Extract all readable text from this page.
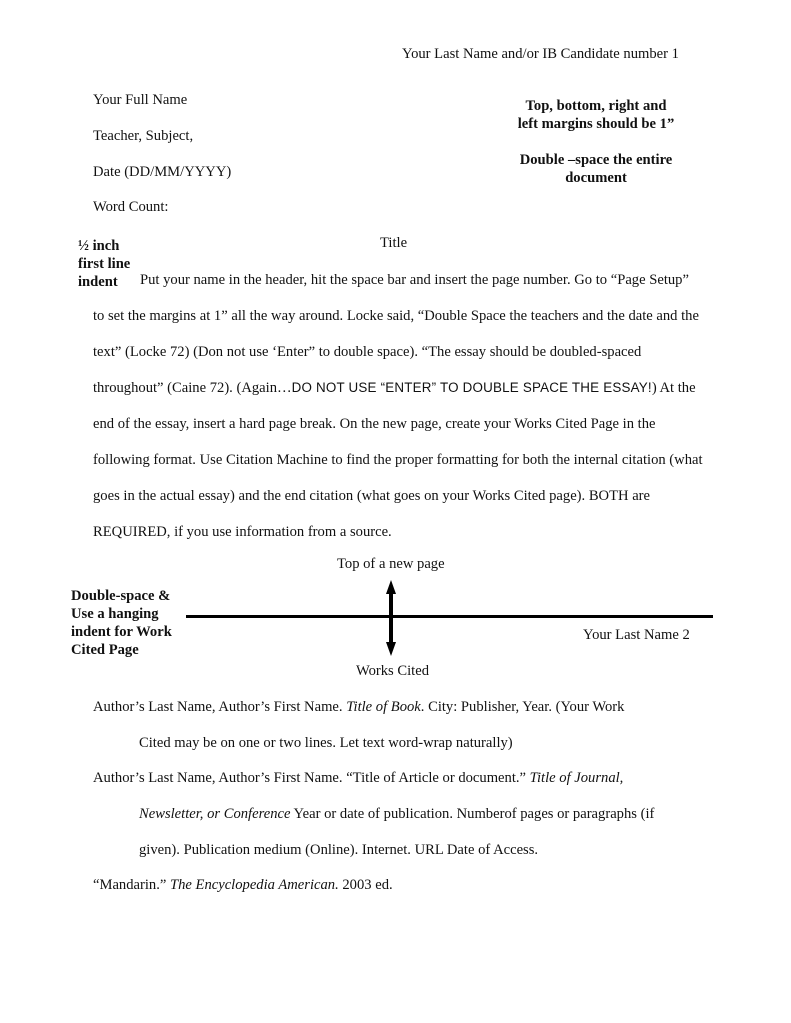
Your Last Name and/or IB Candidate number 1
Your Full Name
Teacher, Subject,
Date (DD/MM/YYYY)
Word Count:
Top, bottom, right and
left margins should be 1”
Double –space the entire
document
½ inch
first line
indent
Title
Put your name in the header, hit the space bar and insert the page number. Go to “Page Setup” to set the margins at 1” all the way around. Locke said, “Double Space the teachers and the date and the text” (Locke 72) (Don not use ‘Enter” to double space). “The essay should be doubled-spaced throughout” (Caine 72). (Again…DO NOT USE “ENTER” TO DOUBLE SPACE THE ESSAY!) At the end of the essay, insert a hard page break. On the new page, create your Works Cited Page in the following format. Use Citation Machine to find the proper formatting for both the internal citation (what goes in the actual essay) and the end citation (what goes on your Works Cited page). BOTH are REQUIRED, if you use information from a source.
Top of a new page
Double-space &
Use a hanging
indent for Work
Cited Page
Your Last Name 2
Works Cited
Author’s Last Name, Author’s First Name. Title of Book. City: Publisher, Year. (Your Work
Cited may be on one or two lines. Let text word-wrap naturally)
Author’s Last Name, Author’s First Name. “Title of Article or document.” Title of Journal,
Newsletter, or Conference Year or date of publication. Numberof pages or paragraphs (if
given). Publication medium (Online). Internet. URL Date of Access.
“Mandarin.” The Encyclopedia American. 2003 ed.
